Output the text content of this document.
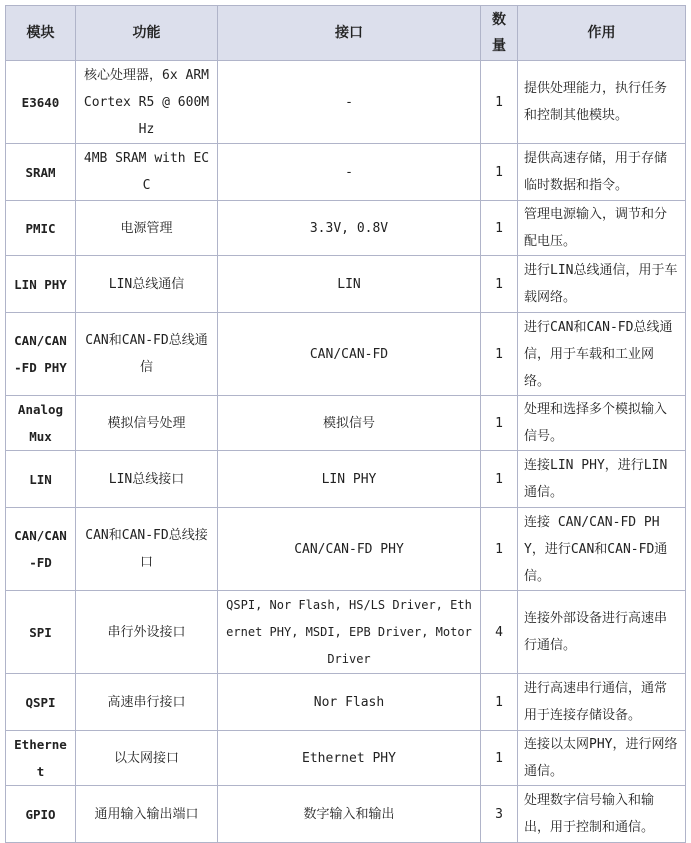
模块	功能	接口	数量	作用
E3640	核心处理器，6x ARM Cortex R5 @ 600MHz	-	1	提供处理能力，执行任务和控制其他模块。
SRAM	4MB SRAM with ECC	-	1	提供高速存储，用于存储临时数据和指令。
PMIC	电源管理	3.3V, 0.8V	1	管理电源输入，调节和分配电压。
LIN PHY	LIN总线通信	LIN	1	进行LIN总线通信，用于车载网络。
CAN/CAN-FD PHY	CAN和CAN-FD总线通信	CAN/CAN-FD	1	进行CAN和CAN-FD总线通信，用于车载和工业网络。
Analog Mux	模拟信号处理	模拟信号	1	处理和选择多个模拟输入信号。
LIN	LIN总线接口	LIN PHY	1	连接LIN PHY，进行LIN通信。
CAN/CAN-FD	CAN和CAN-FD总线接口	CAN/CAN-FD PHY	1	连接 CAN/CAN-FD PHY，进行CAN和CAN-FD通信。
SPI	串行外设接口	QSPI, Nor Flash, HS/LS Driver, Ethernet PHY, MSDI, EPB Driver, Motor Driver	4	连接外部设备进行高速串行通信。
QSPI	高速串行接口	Nor Flash	1	进行高速串行通信，通常用于连接存储设备。
Ethernet	以太网接口	Ethernet PHY	1	连接以太网PHY，进行网络通信。
GPIO	通用输入输出端口	数字输入和输出	3	处理数字信号输入和输出，用于控制和通信。
